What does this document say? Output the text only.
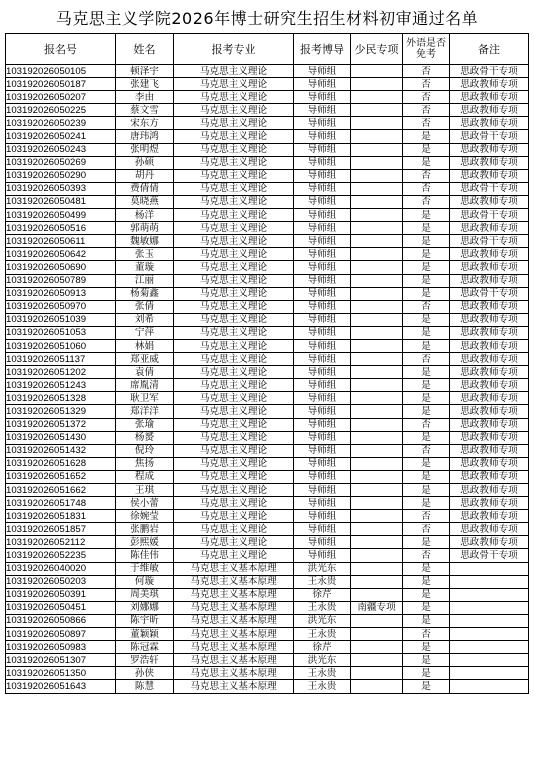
马克思主义学院2026年博士研究生招生材料初审通过名单
报名号	姓名	报考专业	报考博导	少民专项	外语是否免考	备注
103192026050105	顿泽宇	马克思主义理论	导师组		否	思政骨干专项
103192026050187	张建飞	马克思主义理论	导师组		否	思政教师专项
103192026050207	李由	马克思主义理论	导师组		否	思政教师专项
103192026050225	蔡文雪	马克思主义理论	导师组		否	思政教师专项
103192026050239	宋东方	马克思主义理论	导师组		否	思政教师专项
103192026050241	唐玮鸿	马克思主义理论	导师组		是	思政骨干专项
103192026050243	张明煜	马克思主义理论	导师组		是	思政教师专项
103192026050269	孙硕	马克思主义理论	导师组		是	思政教师专项
103192026050290	胡丹	马克思主义理论	导师组		否	思政教师专项
103192026050393	费倩倩	马克思主义理论	导师组		否	思政骨干专项
103192026050481	莫晓燕	马克思主义理论	导师组		否	思政教师专项
103192026050499	杨洋	马克思主义理论	导师组		是	思政骨干专项
103192026050516	郭萌萌	马克思主义理论	导师组		是	思政教师专项
103192026050611	魏敏娜	马克思主义理论	导师组		是	思政骨干专项
103192026050642	张玉	马克思主义理论	导师组		是	思政教师专项
103192026050690	董璇	马克思主义理论	导师组		是	思政教师专项
103192026050789	江丽	马克思主义理论	导师组		是	思政教师专项
103192026050913	杨菊鑫	马克思主义理论	导师组		是	思政骨干专项
103192026050970	张倩	马克思主义理论	导师组		否	思政教师专项
103192026051039	刘希	马克思主义理论	导师组		是	思政教师专项
103192026051053	宁萍	马克思主义理论	导师组		是	思政教师专项
103192026051060	林娟	马克思主义理论	导师组		是	思政教师专项
103192026051137	郑亚威	马克思主义理论	导师组		否	思政教师专项
103192026051202	袁倩	马克思主义理论	导师组		是	思政教师专项
103192026051243	席胤清	马克思主义理论	导师组		是	思政教师专项
103192026051328	耿卫军	马克思主义理论	导师组		是	思政教师专项
103192026051329	郑洋洋	马克思主义理论	导师组		是	思政教师专项
103192026051372	张瑜	马克思主义理论	导师组		否	思政教师专项
103192026051430	杨赟	马克思主义理论	导师组		是	思政教师专项
103192026051432	倪玲	马克思主义理论	导师组		否	思政教师专项
103192026051628	焦扬	马克思主义理论	导师组		是	思政教师专项
103192026051652	程成	马克思主义理论	导师组		是	思政教师专项
103192026051662	王琪	马克思主义理论	导师组		是	思政教师专项
103192026051748	侯小蕾	马克思主义理论	导师组		是	思政教师专项
103192026051831	徐婉莹	马克思主义理论	导师组		否	思政教师专项
103192026051857	张鹏岩	马克思主义理论	导师组		否	思政教师专项
103192026052112	彭熙媛	马克思主义理论	导师组		是	思政教师专项
103192026052235	陈佳伟	马克思主义理论	导师组		否	思政骨干专项
103192026040020	于维敏	马克思主义基本原理	洪光东		是	
103192026050203	何璇	马克思主义基本原理	王永贵		是	
103192026050391	周美琪	马克思主义基本原理	徐芹		是	
103192026050451	刘娜娜	马克思主义基本原理	王永贵	南疆专项	是	
103192026050866	陈宇昕	马克思主义基本原理	洪光东		是	
103192026050897	董颖颖	马克思主义基本原理	王永贵		否	
103192026050983	陈冠霖	马克思主义基本原理	徐芹		是	
103192026051307	罗浩轩	马克思主义基本原理	洪光东		是	
103192026051350	孙侠	马克思主义基本原理	王永贵		是	
103192026051643	陈慧	马克思主义基本原理	王永贵		是	
